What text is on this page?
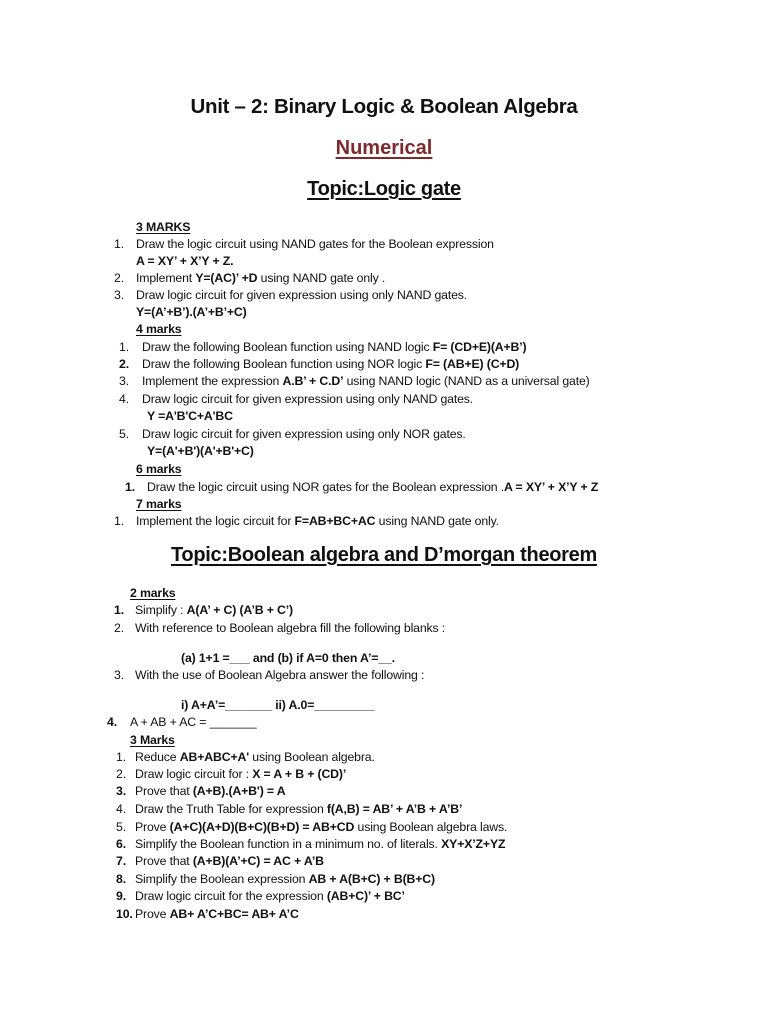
Unit – 2: Binary Logic & Boolean Algebra
Numerical
Topic:Logic gate
3 MARKS
1. Draw the logic circuit using NAND gates for the Boolean expression
A = XY’ + X’Y + Z.
2. Implement Y=(AC)’ +D using NAND gate only .
3. Draw logic circuit for given expression using only NAND gates.
Y=(A’+B’).(A’+B’+C)
4 marks
1. Draw the following Boolean function using NAND logic F= (CD+E)(A+B’)
2. Draw the following Boolean function using NOR logic F= (AB+E) (C+D)
3. Implement the expression A.B’ + C.D’ using NAND logic (NAND as a universal gate)
4. Draw logic circuit for given expression using only NAND gates.
Y =A'B'C+A'BC
5. Draw logic circuit for given expression using only NOR gates.
Y=(A'+B')(A'+B'+C)
6 marks
1. Draw the logic circuit using NOR gates for the Boolean expression .A = XY’ + X’Y + Z
7 marks
1. Implement the logic circuit for F=AB+BC+AC using NAND gate only.
Topic:Boolean algebra and D’morgan theorem
2 marks
1. Simplify : A(A’ + C) (A’B + C’)
2. With reference to Boolean algebra fill the following blanks :
(a) 1+1 =___ and (b) if A=0 then A’=__.
3. With the use of Boolean Algebra answer the following :
i) A+A’=_______ ii) A.0=_________
4. A + AB + AC = _______
3 Marks
1. Reduce AB+ABC+A' using Boolean algebra.
2. Draw logic circuit for : X = A + B + (CD)’
3. Prove that (A+B).(A+B') = A
4. Draw the Truth Table for expression f(A,B) = AB’ + A’B + A’B’
5. Prove (A+C)(A+D)(B+C)(B+D) = AB+CD using Boolean algebra laws.
6. Simplify the Boolean function in a minimum no. of literals. XY+X’Z+YZ
7. Prove that (A+B)(A’+C) = AC + A’B
8. Simplify the Boolean expression AB + A(B+C) + B(B+C)
9. Draw logic circuit for the expression (AB+C)’ + BC’
10. Prove AB+ A’C+BC= AB+ A’C
